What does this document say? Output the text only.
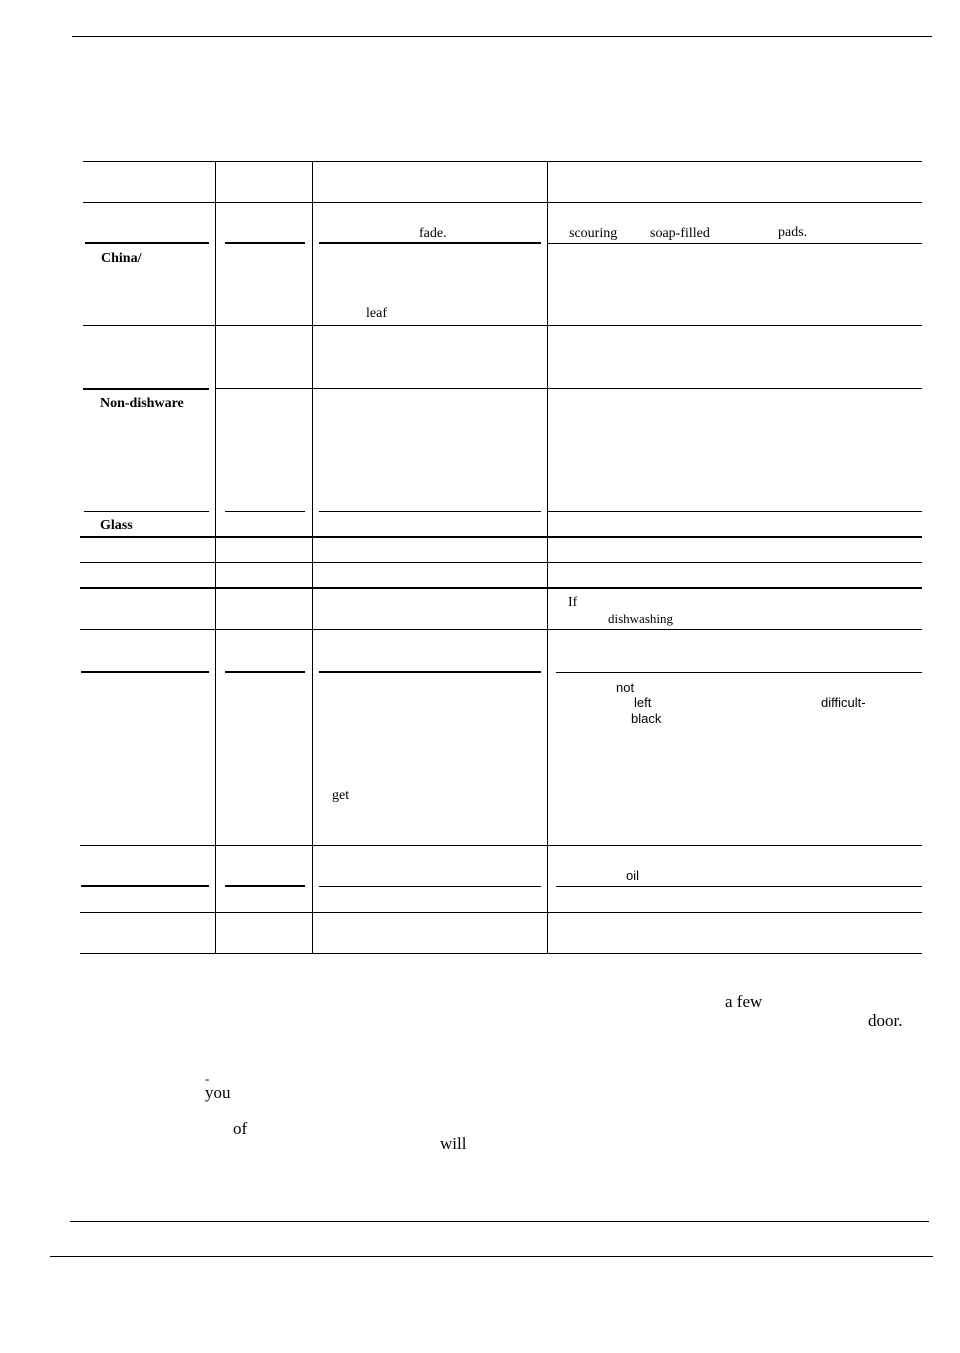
China/
Non-dishware
Glass
fade.
leaf
get
scouring soap-filled	pads.
If
dishwashing
not
left	difficult-
black
oil
a few
door.
-
you
of
will
